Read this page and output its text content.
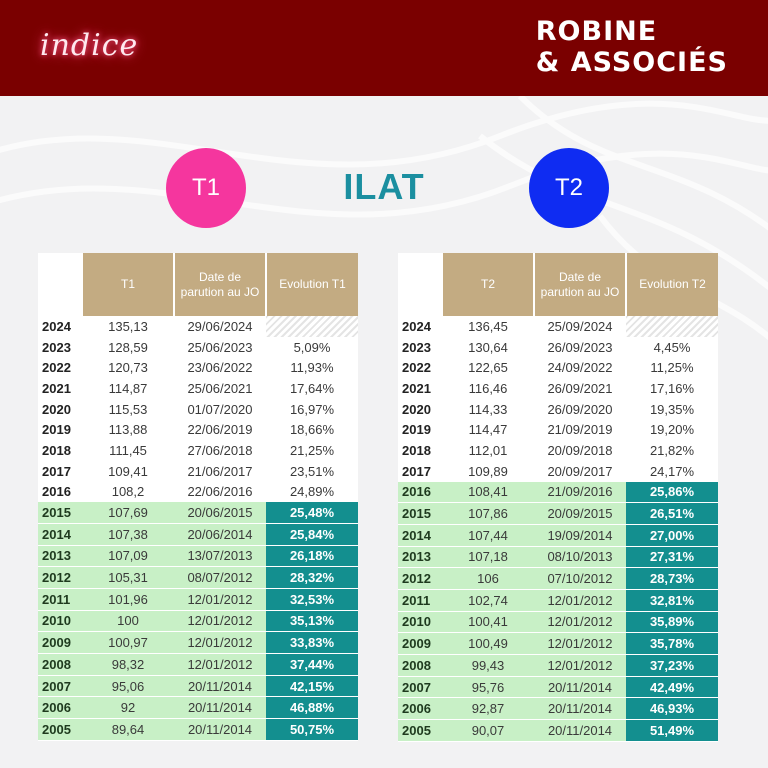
indice	ROBINE
& ASSOCIÉS
T1	ILAT	T2
	T1	Date de parution au JO	Evolution T1
2024	135,13	29/06/2024	
2023	128,59	25/06/2023	5,09%
2022	120,73	23/06/2022	11,93%
2021	114,87	25/06/2021	17,64%
2020	115,53	01/07/2020	16,97%
2019	113,88	22/06/2019	18,66%
2018	111,45	27/06/2018	21,25%
2017	109,41	21/06/2017	23,51%
2016	108,2	22/06/2016	24,89%
2015	107,69	20/06/2015	25,48%
2014	107,38	20/06/2014	25,84%
2013	107,09	13/07/2013	26,18%
2012	105,31	08/07/2012	28,32%
2011	101,96	12/01/2012	32,53%
2010	100	12/01/2012	35,13%
2009	100,97	12/01/2012	33,83%
2008	98,32	12/01/2012	37,44%
2007	95,06	20/11/2014	42,15%
2006	92	20/11/2014	46,88%
2005	89,64	20/11/2014	50,75%
	T2	Date de parution au JO	Evolution T2
2024	136,45	25/09/2024	
2023	130,64	26/09/2023	4,45%
2022	122,65	24/09/2022	11,25%
2021	116,46	26/09/2021	17,16%
2020	114,33	26/09/2020	19,35%
2019	114,47	21/09/2019	19,20%
2018	112,01	20/09/2018	21,82%
2017	109,89	20/09/2017	24,17%
2016	108,41	21/09/2016	25,86%
2015	107,86	20/09/2015	26,51%
2014	107,44	19/09/2014	27,00%
2013	107,18	08/10/2013	27,31%
2012	106	07/10/2012	28,73%
2011	102,74	12/01/2012	32,81%
2010	100,41	12/01/2012	35,89%
2009	100,49	12/01/2012	35,78%
2008	99,43	12/01/2012	37,23%
2007	95,76	20/11/2014	42,49%
2006	92,87	20/11/2014	46,93%
2005	90,07	20/11/2014	51,49%
